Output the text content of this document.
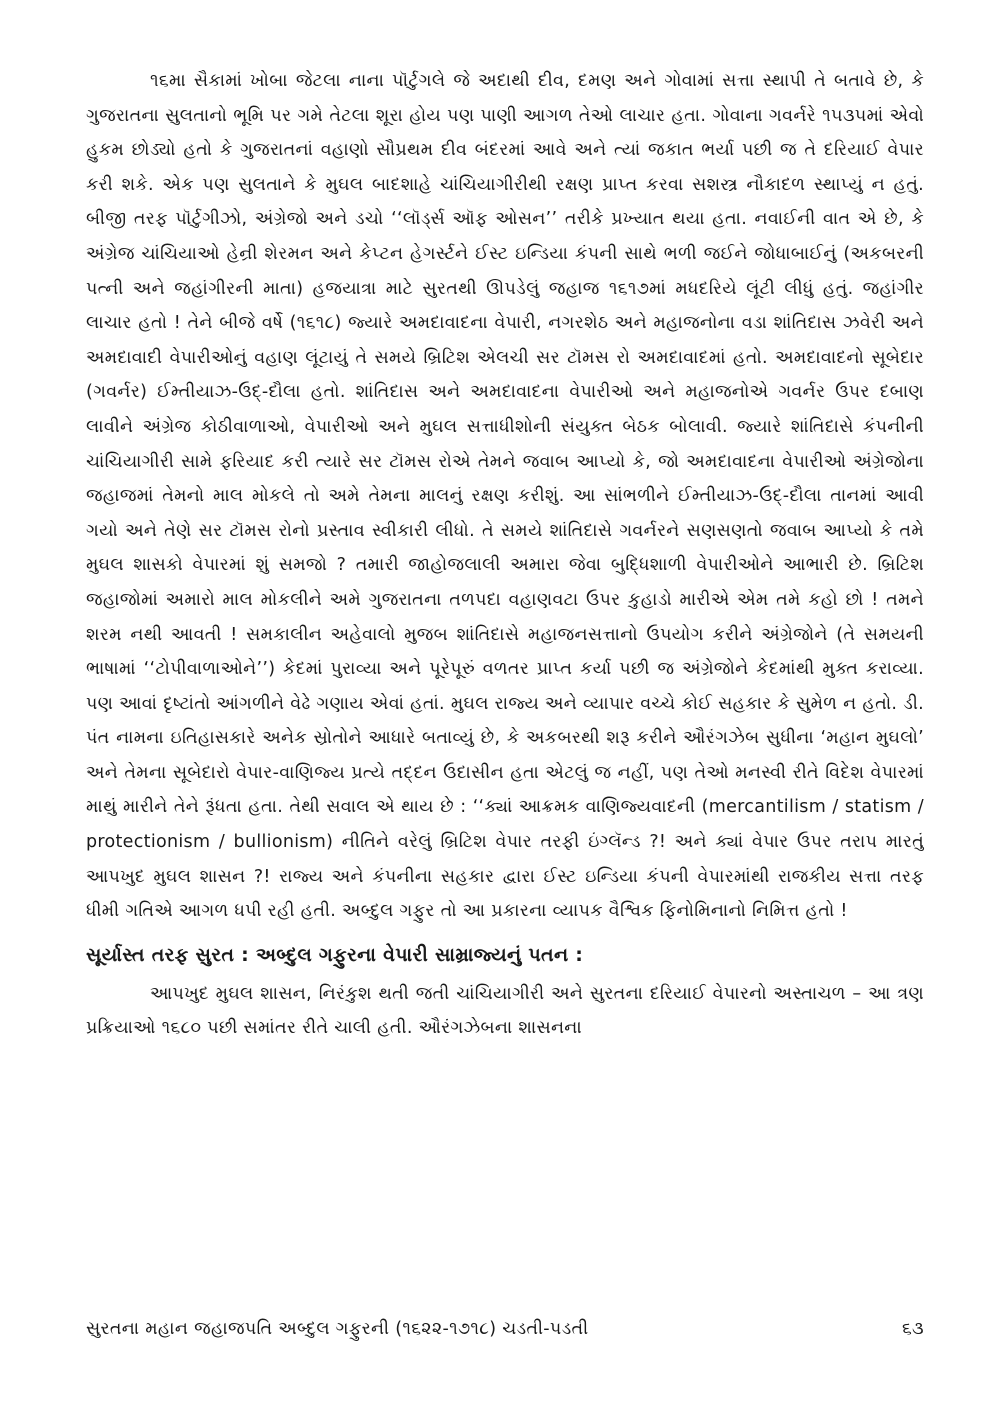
૧૬મા સૈકામાં ખોબા જેટલા નાના પૉર્ટુગલે જે અદાથી દીવ, દમણ અને ગોવામાં સત્તા સ્થાપી તે બતાવે છે, કે ગુજરાતના સુલતાનો ભૂમિ પર ગમે તેટલા શૂરા હોય પણ પાણી આગળ તેઓ લાચાર હતા. ગોવાના ગવર્નરે ૧૫૩૫માં એવો હુકમ છોડ્યો હતો કે ગુજરાતનાં વહાણો સૌપ્રથમ દીવ બંદરમાં આવે અને ત્યાં જકાત ભર્યા પછી જ તે દરિયાઈ વેપાર કરી શકે. એક પણ સુલતાને કે મુઘલ બાદશાહે ચાંચિયાગીરીથી રક્ષણ પ્રાપ્ત કરવા સશસ્ત્ર નૌકાદળ સ્થાપ્યું ન હતું. બીજી તરફ પૉર્ટુગીઝો, અંગ્રેજો અને ડચો ‘‘લૉર્ડ્સ ઑફ ઓસન’’ તરીકે પ્રખ્યાત થયા હતા. નવાઈની વાત એ છે, કે અંગ્રેજ ચાંચિયાઓ હેન્રી શેરમન અને કેપ્ટન હેગર્સ્ટને ઈસ્ટ ઇન્ડિયા કંપની સાથે ભળી જઈને જોધાબાઈનું (અકબરની પત્ની અને જહાંગીરની માતા) હજયાત્રા માટે સુરતથી ઊપડેલું જહાજ ૧૬૧૭માં મધદરિયે લૂંટી લીધું હતું. જહાંગીર લાચાર હતો ! તેને બીજે વર્ષે (૧૬૧૮) જ્યારે અમદાવાદના વેપારી, નગરશેઠ અને મહાજનોના વડા શાંતિદાસ ઝવેરી અને અમદાવાદી વેપારીઓનું વહાણ લૂંટાયું તે સમયે બ્રિટિશ એલચી સર ટૉમસ રો અમદાવાદમાં હતો. અમદાવાદનો સૂબેદાર (ગવર્નર) ઈમ્તીયાઝ-ઉદ્-દૌલા હતો. શાંતિદાસ અને અમદાવાદના વેપારીઓ અને મહાજનોએ ગવર્નર ઉપર દબાણ લાવીને અંગ્રેજ કોઠીવાળાઓ, વેપારીઓ અને મુઘલ સત્તાધીશોની સંયુક્ત બેઠક બોલાવી. જ્યારે શાંતિદાસે કંપનીની ચાંચિયાગીરી સામે ફરિયાદ કરી ત્યારે સર ટૉમસ રોએ તેમને જવાબ આપ્યો કે, જો અમદાવાદના વેપારીઓ અંગ્રેજોના જહાજમાં તેમનો માલ મોકલે તો અમે તેમના માલનું રક્ષણ કરીશું. આ સાંભળીને ઈમ્તીયાઝ-ઉદ્-દૌલા તાનમાં આવી ગયો અને તેણે સર ટૉમસ રોનો પ્રસ્તાવ સ્વીકારી લીધો. તે સમયે શાંતિદાસે ગવર્નરને સણસણતો જવાબ આપ્યો કે તમે મુઘલ શાસકો વેપારમાં શું સમજો ? તમારી જાહોજલાલી અમારા જેવા બુદ્ધિશાળી વેપારીઓને આભારી છે. બ્રિટિશ જહાજોમાં અમારો માલ મોકલીને અમે ગુજરાતના તળપદા વહાણવટા ઉપર કુહાડો મારીએ એમ તમે કહો છો ! તમને શરમ નથી આવતી ! સમકાલીન અહેવાલો મુજબ શાંતિદાસે મહાજનસત્તાનો ઉપયોગ કરીને અંગ્રેજોને (તે સમયની ભાષામાં ‘‘ટોપીવાળાઓને’’) કેદમાં પુરાવ્યા અને પૂરેપૂરું વળતર પ્રાપ્ત કર્યા પછી જ અંગ્રેજોને કેદમાંથી મુક્ત કરાવ્યા. પણ આવાં દૃષ્ટાંતો આંગળીને વેઢે ગણાય એવાં હતાં. મુઘલ રાજ્ય અને વ્યાપાર વચ્ચે કોઈ સહકાર કે સુમેળ ન હતો. ડી. પંત નામના ઇતિહાસકારે અનેક સ્રોતોને આધારે બતાવ્યું છે, કે અકબરથી શરૂ કરીને ઔરંગઝેબ સુધીના ‘મહાન મુઘલો’ અને તેમના સૂબેદારો વેપાર-વાણિજ્ય પ્રત્યે તદ્દન ઉદાસીન હતા એટલું જ નહીં, પણ તેઓ મનસ્વી રીતે વિદેશ વેપારમાં માથું મારીને તેને રૂંધતા હતા. તેથી સવાલ એ થાય છે : ‘‘ક્યાં આક્રમક વાણિજ્યવાદની (mercantilism / statism / protectionism / bullionism) નીતિને વરેલું બ્રિટિશ વેપાર તરફી ઇંગ્લૅન્ડ ?! અને ક્યાં વેપાર ઉપર તરાપ મારતું આપખુદ મુઘલ શાસન ?! રાજ્ય અને કંપનીના સહકાર દ્વારા ઈસ્ટ ઇન્ડિયા કંપની વેપારમાંથી રાજકીય સત્તા તરફ ધીમી ગતિએ આગળ ધપી રહી હતી. અબ્દુલ ગફુર તો આ પ્રકારના વ્યાપક વૈશ્વિક ફિનોમિનાનો નિમિત્ત હતો !

સૂર્યાસ્ત તરફ સુરત : અબ્દુલ ગફુરના વેપારી સામ્રાજ્યનું પતન :

આપખુદ મુઘલ શાસન, નિરંકુશ થતી જતી ચાંચિયાગીરી અને સુરતના દરિયાઈ વેપારનો અસ્તાચળ – આ ત્રણ પ્રક્રિયાઓ ૧૬૮૦ પછી સમાંતર રીતે ચાલી હતી. ઔરંગઝેબના શાસનના

સુરતના મહાન જહાજપતિ અબ્દુલ ગફુરની (૧૬૨૨-૧૭૧૮) ચડતી-પડતી	૬૩
